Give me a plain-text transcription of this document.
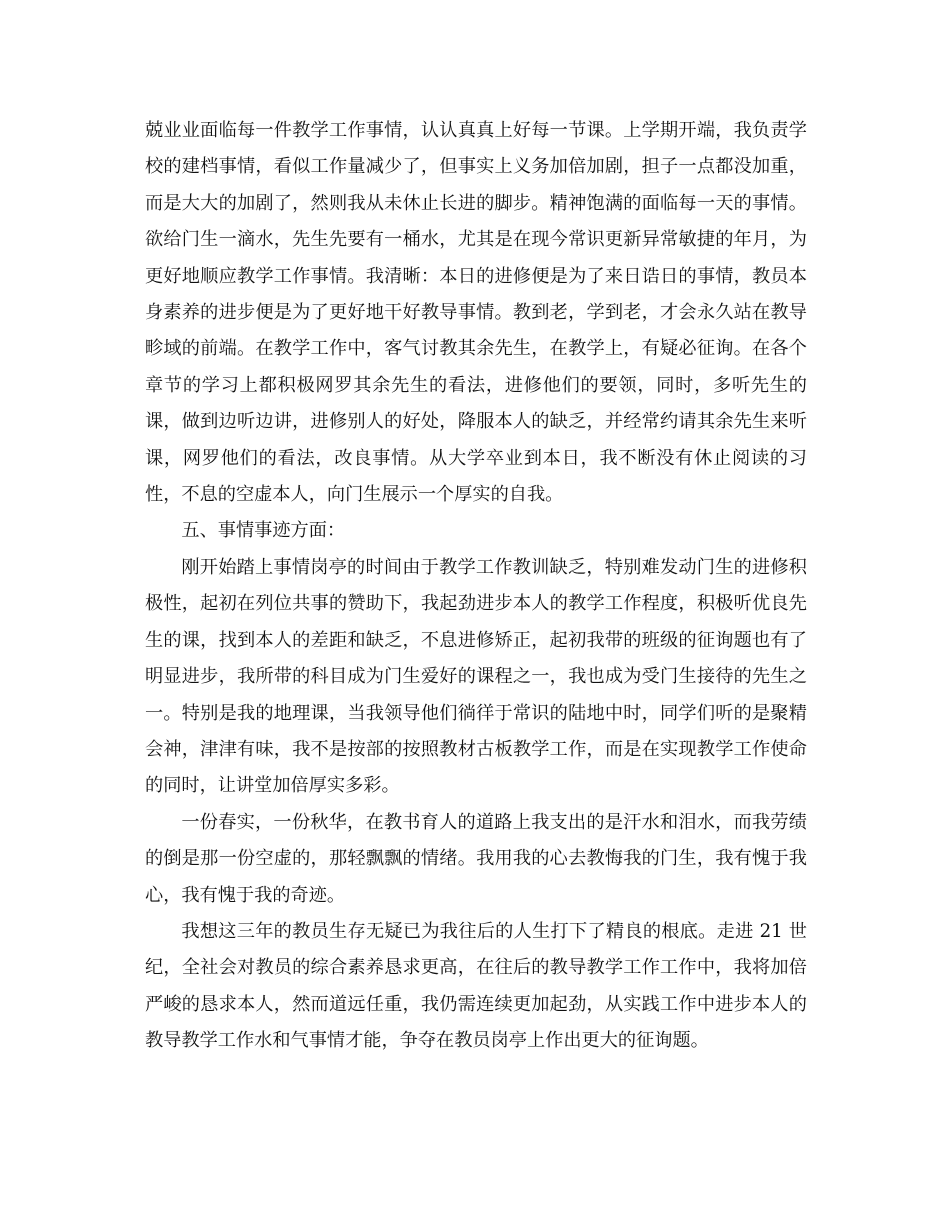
兢业业面临每一件教学工作事情，认认真真上好每一节课。上学期开端，我负责学校的建档事情，看似工作量减少了，但事实上义务加倍加剧，担子一点都没加重，而是大大的加剧了，然则我从未休止长进的脚步。精神饱满的面临每一天的事情。欲给门生一滴水，先生先要有一桶水，尤其是在现今常识更新异常敏捷的年月，为更好地顺应教学工作事情。我清晰：本日的进修便是为了来日诰日的事情，教员本身素养的进步便是为了更好地干好教导事情。教到老，学到老，才会永久站在教导畛域的前端。在教学工作中，客气讨教其余先生，在教学上，有疑必征询。在各个章节的学习上都积极网罗其余先生的看法，进修他们的要领，同时，多听先生的课，做到边听边讲，进修别人的好处，降服本人的缺乏，并经常约请其余先生来听课，网罗他们的看法，改良事情。从大学卒业到本日，我不断没有休止阅读的习性，不息的空虚本人，向门生展示一个厚实的自我。

五、事情事迹方面：

刚开始踏上事情岗亭的时间由于教学工作教训缺乏，特别难发动门生的进修积极性，起初在列位共事的赞助下，我起劲进步本人的教学工作程度，积极听优良先生的课，找到本人的差距和缺乏，不息进修矫正，起初我带的班级的征询题也有了明显进步，我所带的科目成为门生爱好的课程之一，我也成为受门生接待的先生之一。特别是我的地理课，当我领导他们徜徉于常识的陆地中时，同学们听的是聚精会神，津津有味，我不是按部的按照教材古板教学工作，而是在实现教学工作使命的同时，让讲堂加倍厚实多彩。

一份春实，一份秋华，在教书育人的道路上我支出的是汗水和泪水，而我劳绩的倒是那一份空虚的，那轻飘飘的情绪。我用我的心去教悔我的门生，我有愧于我心，我有愧于我的奇迹。

我想这三年的教员生存无疑已为我往后的人生打下了精良的根底。走进 21 世纪，全社会对教员的综合素养恳求更高，在往后的教导教学工作工作中，我将加倍严峻的恳求本人，然而道远任重，我仍需连续更加起劲，从实践工作中进步本人的教导教学工作水和气事情才能，争夺在教员岗亭上作出更大的征询题。
